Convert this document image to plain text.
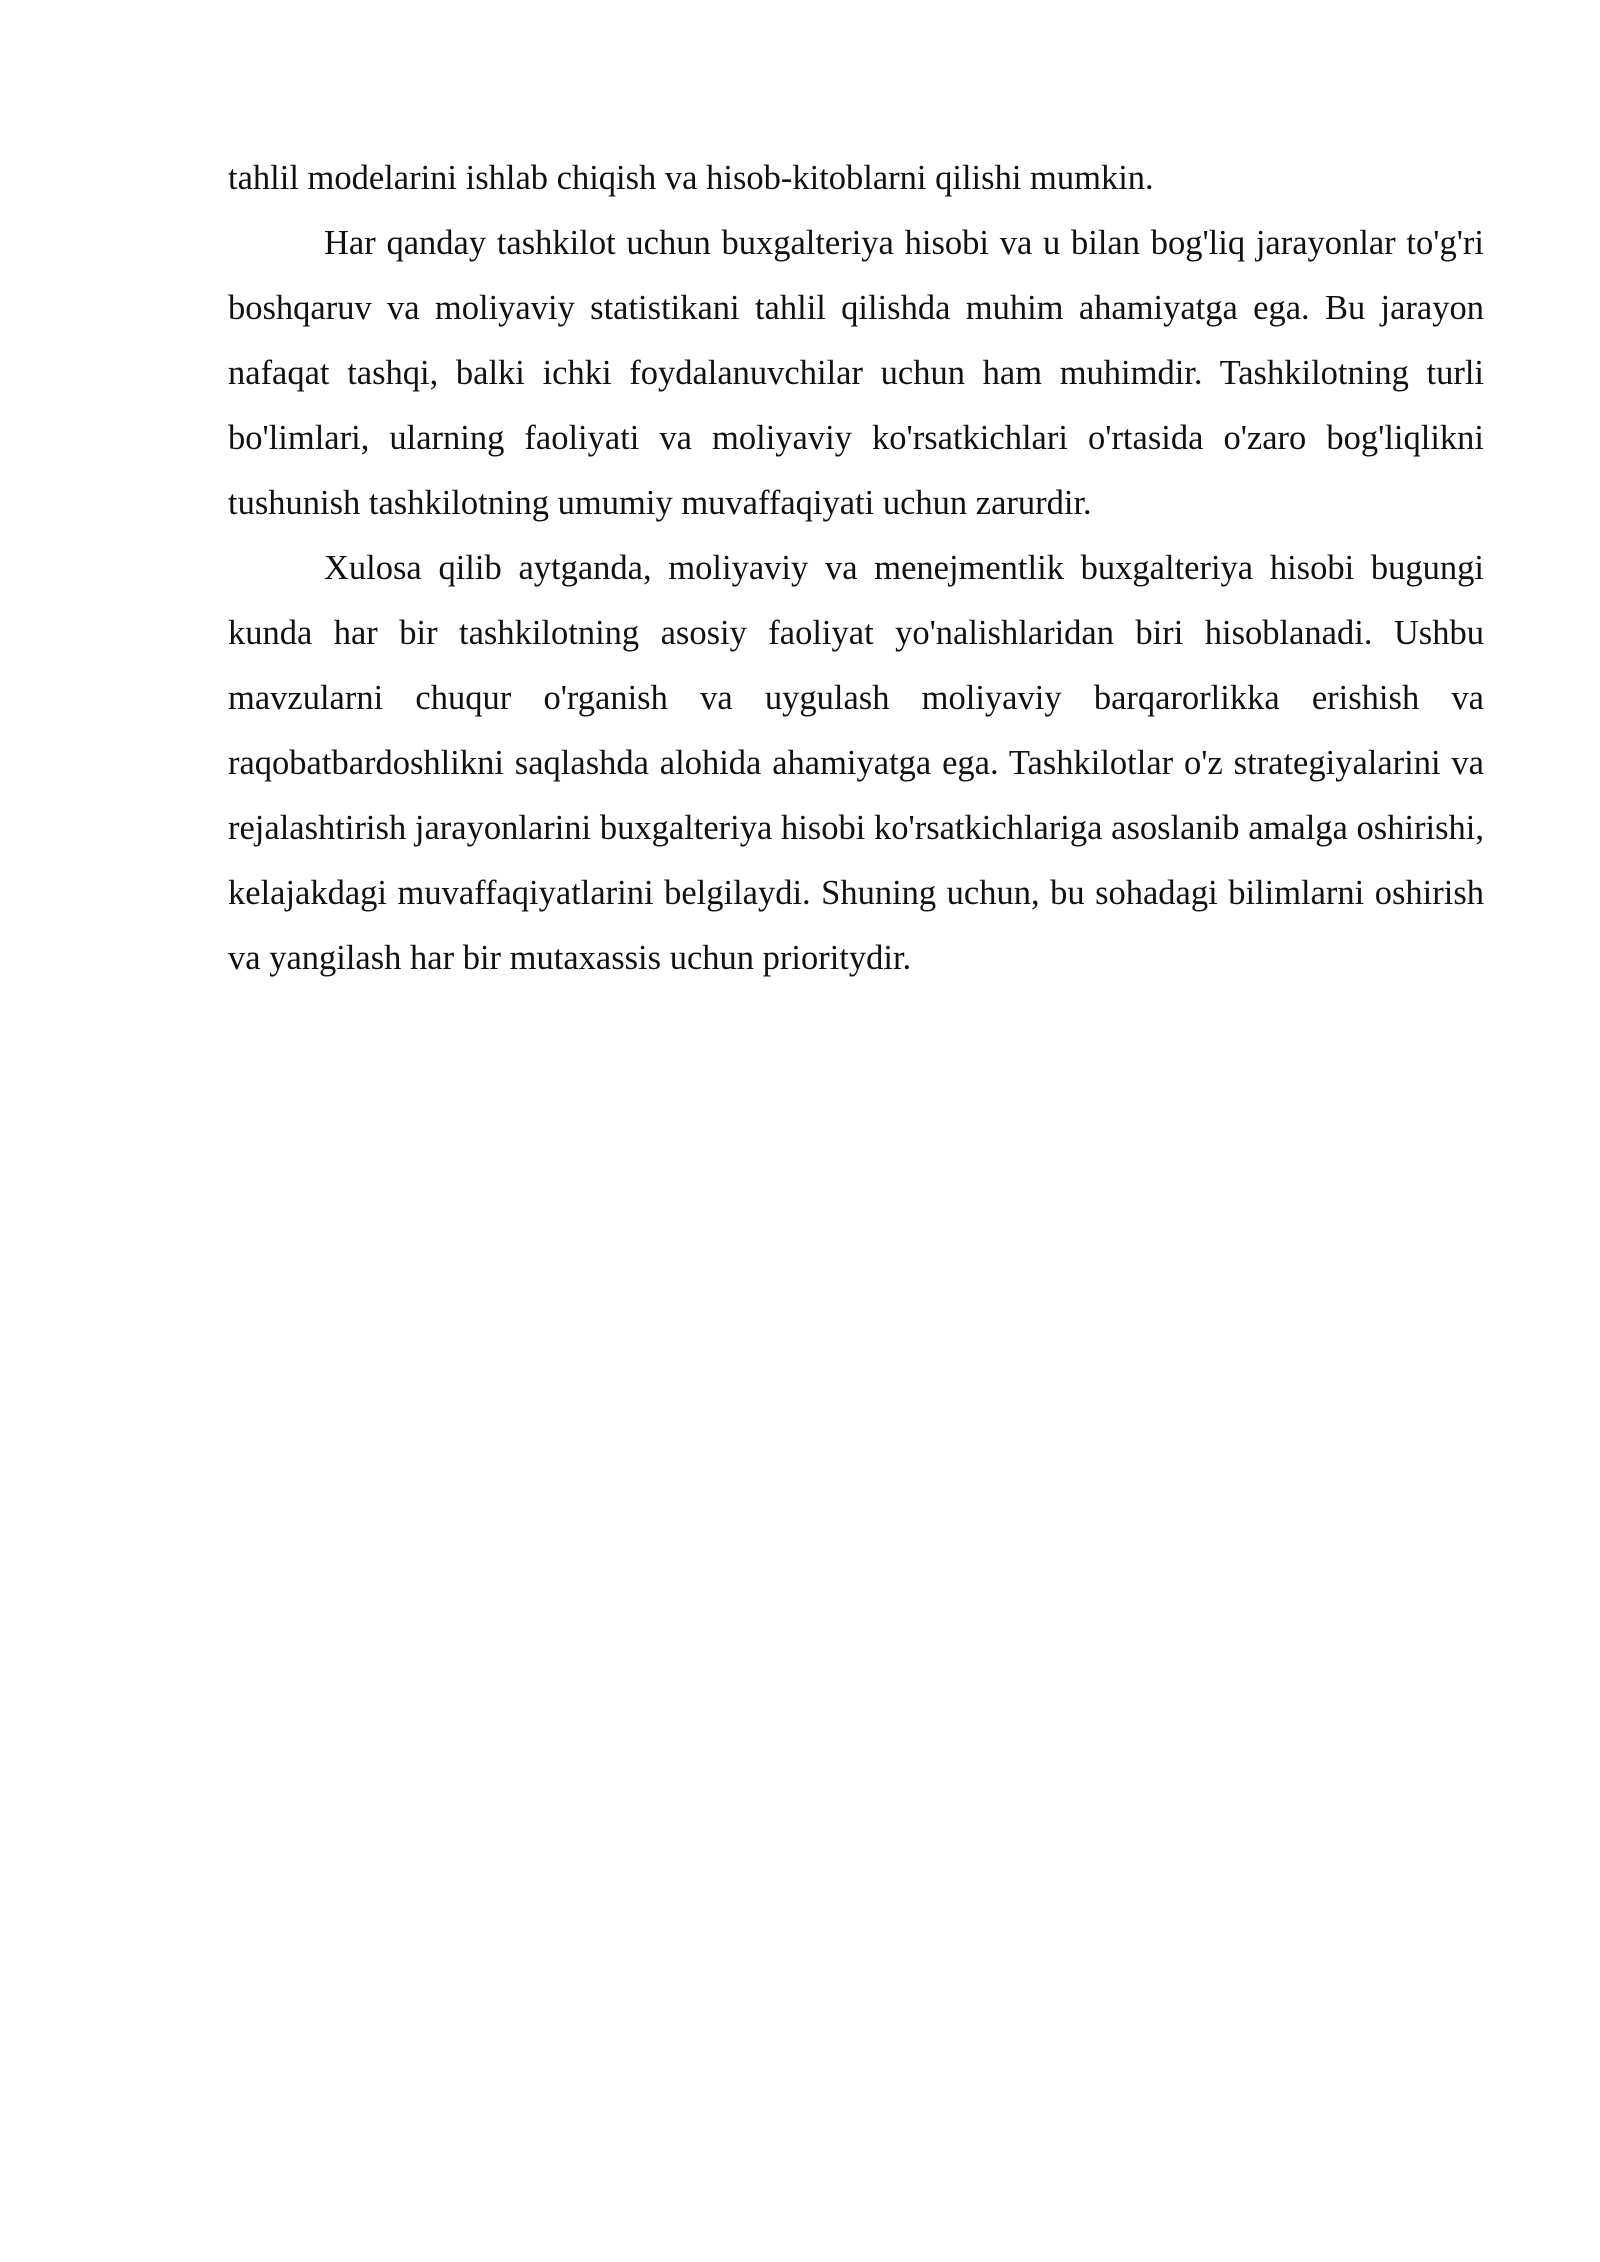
tahlil modelarini ishlab chiqish va hisob-kitoblarni qilishi mumkin.

Har qanday tashkilot uchun buxgalteriya hisobi va u bilan bog'liq jarayonlar to'g'ri boshqaruv va moliyaviy statistikani tahlil qilishda muhim ahamiyatga ega. Bu jarayon nafaqat tashqi, balki ichki foydalanuvchilar uchun ham muhimdir. Tashkilotning turli bo'limlari, ularning faoliyati va moliyaviy ko'rsatkichlari o'rtasida o'zaro bog'liqlikni tushunish tashkilotning umumiy muvaffaqiyati uchun zarurdir.

Xulosa qilib aytganda, moliyaviy va menejmentlik buxgalteriya hisobi bugungi kunda har bir tashkilotning asosiy faoliyat yo'nalishlaridan biri hisoblanadi. Ushbu mavzularni chuqur o'rganish va uygulash moliyaviy barqarorlikka erishish va raqobatbardoshlikni saqlashda alohida ahamiyatga ega. Tashkilotlar o'z strategiyalarini va rejalashtirish jarayonlarini buxgalteriya hisobi ko'rsatkichlariga asoslanib amalga oshirishi, kelajakdagi muvaffaqiyatlarini belgilaydi. Shuning uchun, bu sohadagi bilimlarni oshirish va yangilash har bir mutaxassis uchun prioritydir.
